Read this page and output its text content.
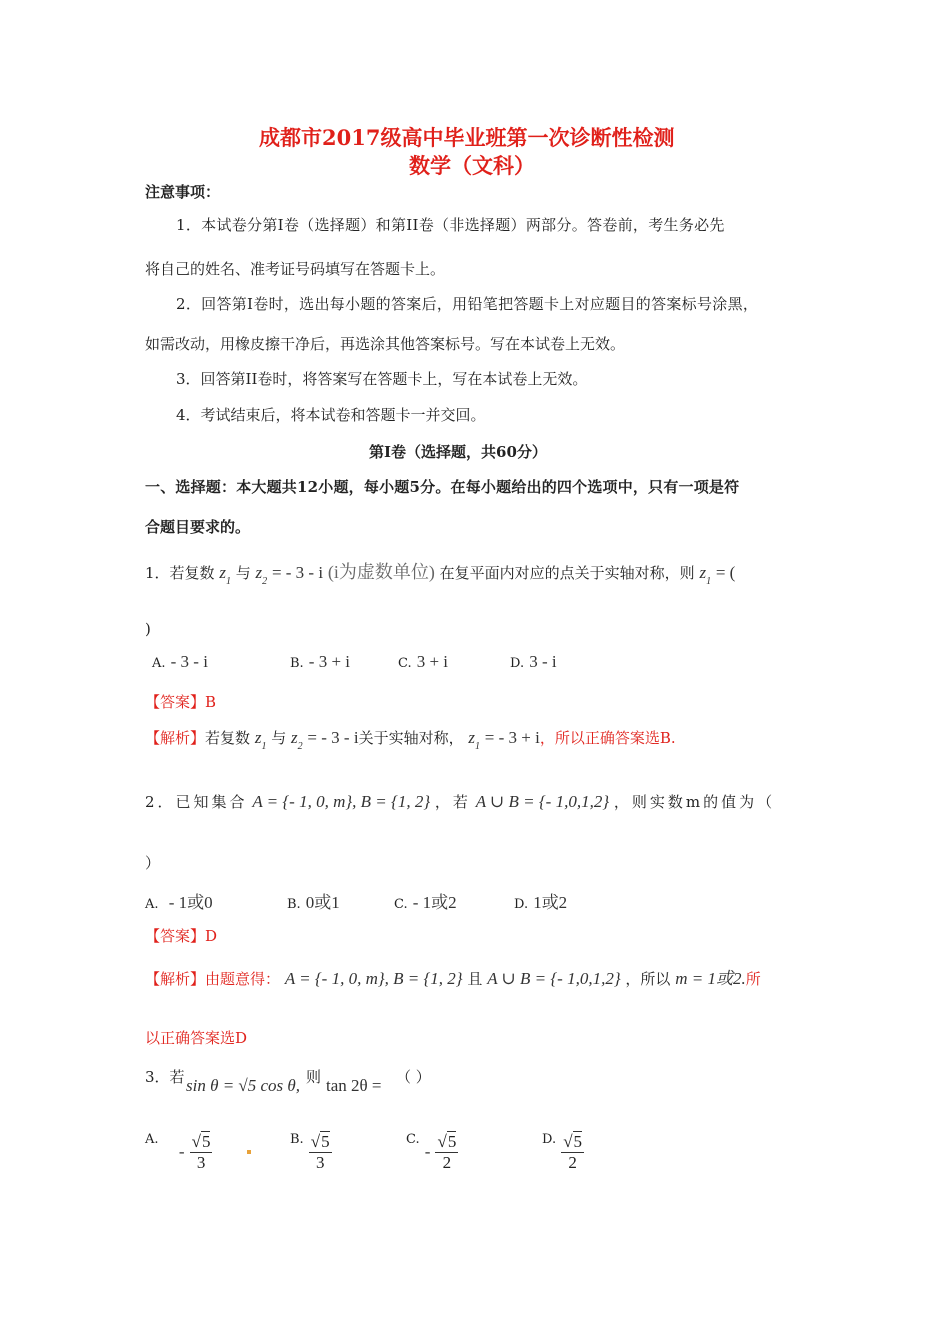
成都市2017级高中毕业班第一次诊断性检测
数学（文科）
注意事项：
1．本试卷分第I卷（选择题）和第II卷（非选择题）两部分。答卷前，考生务必先
将自己的姓名、准考证号码填写在答题卡上。
2．回答第Ⅰ卷时，选出每小题的答案后，用铅笔把答题卡上对应题目的答案标号涂黑，
如需改动，用橡皮擦干净后，再选涂其他答案标号。写在本试卷上无效。
3．回答第II卷时，将答案写在答题卡上，写在本试卷上无效。
4．考试结束后，将本试卷和答题卡一并交回。
第Ⅰ卷（选择题，共60分）
一、选择题：本大题共12小题，每小题5分。在每小题给出的四个选项中，只有一项是符
合题目要求的。
1．若复数 $z_1$ 与 $z_2$ = - 3 - i (i为虚数单位) 在复平面内对应的点关于实轴对称，则 $z_1$ = (
)
A. - 3 - i	B. - 3 + i	C. 3 + i	D. 3 - i
【答案】B
【解析】若复数 $z_1$ 与 $z_2$ = - 3 - i关于实轴对称， $z_1$ = - 3 + i，所以正确答案选B.
2．已知集合 A = {- 1, 0, m}, B = {1, 2} ，若 A ∪ B = {- 1,0,1,2} ，则实数m的值为（
）
A. - 1或0	B. 0或1	C. - 1或2	D. 1或2
【答案】D
【解析】由题意得： A = {- 1, 0, m}, B = {1, 2} 且 A ∪ B = {- 1,0,1,2} ，所以 m = 1或2.所
以正确答案选D
3．若 sin θ = √5 cos θ, 则 tan 2θ = （ ）
$^{A.}$    - $\frac{√5}{3}$	$^{B.} \frac{√5}{3}$	$^{C.} - \frac{√5}{2}$	$^{D.} \frac{√5}{2}$
